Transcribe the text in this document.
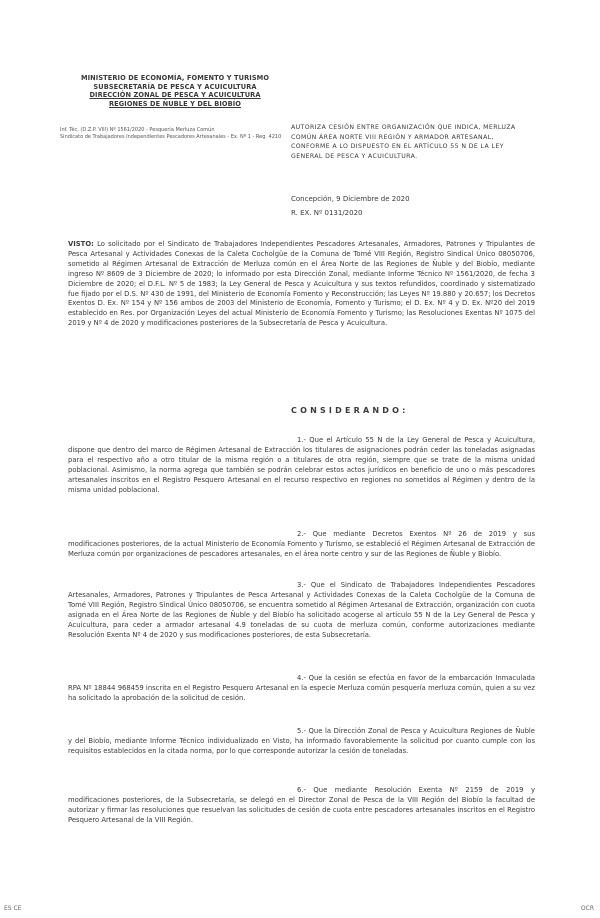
MINISTERIO DE ECONOMÍA, FOMENTO Y TURISMO
SUBSECRETARÍA DE PESCA Y ACUICULTURA
DIRECCIÓN ZONAL DE PESCA Y ACUICULTURA
REGIONES DE ÑUBLE Y DEL BIOBÍO
Inf. Téc. (D.Z.P. VIII) Nº 1561/2020 - Pesquería Merluza Común
Sindicato de Trabajadores Independientes Pescadores Artesanales - Ex. Nº 1 - Reg. 4210
AUTORIZA CESIÓN ENTRE ORGANIZACIÓN QUE INDICA, MERLUZA COMÚN ÁREA NORTE VIII REGIÓN Y ARMADOR ARTESANAL, CONFORME A LO DISPUESTO EN EL ARTÍCULO 55 N DE LA LEY GENERAL DE PESCA Y ACUICULTURA.
Concepción, 9 Diciembre de 2020
R. EX. Nº 0131/2020
VISTO: Lo solicitado por el Sindicato de Trabajadores Independientes Pescadores Artesanales, Armadores, Patrones y Tripulantes de Pesca Artesanal y Actividades Conexas de la Caleta Cocholgüe de la Comuna de Tomé VIII Región, Registro Sindical Único 08050706, sometido al Régimen Artesanal de Extracción de Merluza común en el Área Norte de las Regiones de Ñuble y del Biobío, mediante ingreso Nº 8609 de 3 Diciembre de 2020; lo informado por esta Dirección Zonal, mediante Informe Técnico Nº 1561/2020, de fecha 3 Diciembre de 2020; el D.F.L. Nº 5 de 1983; la Ley General de Pesca y Acuicultura y sus textos refundidos, coordinado y sistematizado fue fijado por el D.S. Nº 430 de 1991, del Ministerio de Economía Fomento y Reconstrucción; las Leyes Nº 19.880 y 20.657; los Decretos Exentos D. Ex. Nº 154 y Nº 156 ambos de 2003 del Ministerio de Economía, Fomento y Turismo; el D. Ex. Nº 4 y D. Ex. Nº20 del 2019 establecido en Res. por Organización Leyes del actual Ministerio de Economía Fomento y Turismo; las Resoluciones Exentas Nº 1075 del 2019 y Nº 4 de 2020 y modificaciones posteriores de la Subsecretaría de Pesca y Acuicultura.
CONSIDERANDO:
1.- Que el Artículo 55 N de la Ley General de Pesca y Acuicultura, dispone que dentro del marco de Régimen Artesanal de Extracción los titulares de asignaciones podrán ceder las toneladas asignadas para el respectivo año a otro titular de la misma región o a titulares de otra región, siempre que se trate de la misma unidad poblacional. Asimismo, la norma agrega que también se podrán celebrar estos actos jurídicos en beneficio de uno o más pescadores artesanales inscritos en el Registro Pesquero Artesanal en el recurso respectivo en regiones no sometidos al Régimen y dentro de la misma unidad poblacional.
2.- Que mediante Decretos Exentos Nº 26 de 2019 y sus modificaciones posteriores, de la actual Ministerio de Economía Fomento y Turismo, se estableció el Régimen Artesanal de Extracción de Merluza común por organizaciones de pescadores artesanales, en el área norte centro y sur de las Regiones de Ñuble y Biobío.
3.- Que el Sindicato de Trabajadores Independientes Pescadores Artesanales, Armadores, Patrones y Tripulantes de Pesca Artesanal y Actividades Conexas de la Caleta Cocholgüe de la Comuna de Tomé VIII Región, Registro Sindical Único 08050706, se encuentra sometido al Régimen Artesanal de Extracción, organización con cuota asignada en el Área Norte de las Regiones de Ñuble y del Biobío ha solicitado acogerse al artículo 55 N de la Ley General de Pesca y Acuicultura, para ceder a armador artesanal 4.9 toneladas de su cuota de merluza común, conforme autorizaciones mediante Resolución Exenta Nº 4 de 2020 y sus modificaciones posteriores, de esta Subsecretaría.
4.- Que la cesión se efectúa en favor de la embarcación Inmaculada RPA Nº 18844 968459 inscrita en el Registro Pesquero Artesanal en la especie Merluza común pesquería merluza común, quien a su vez ha solicitado la aprobación de la solicitud de cesión.
5.- Que la Dirección Zonal de Pesca y Acuicultura Regiones de Ñuble y del Biobío, mediante Informe Técnico individualizado en Visto, ha informado favorablemente la solicitud por cuanto cumple con los requisitos establecidos en la citada norma, por lo que corresponde autorizar la cesión de toneladas.
6.- Que mediante Resolución Exenta Nº 2159 de 2019 y modificaciones posteriores, de la Subsecretaría, se delegó en el Director Zonal de Pesca de la VIII Región del Biobío la facultad de autorizar y firmar las resoluciones que resuelvan las solicitudes de cesión de cuota entre pescadores artesanales inscritos en el Registro Pesquero Artesanal de la VIII Región.
ES CE	OCR
